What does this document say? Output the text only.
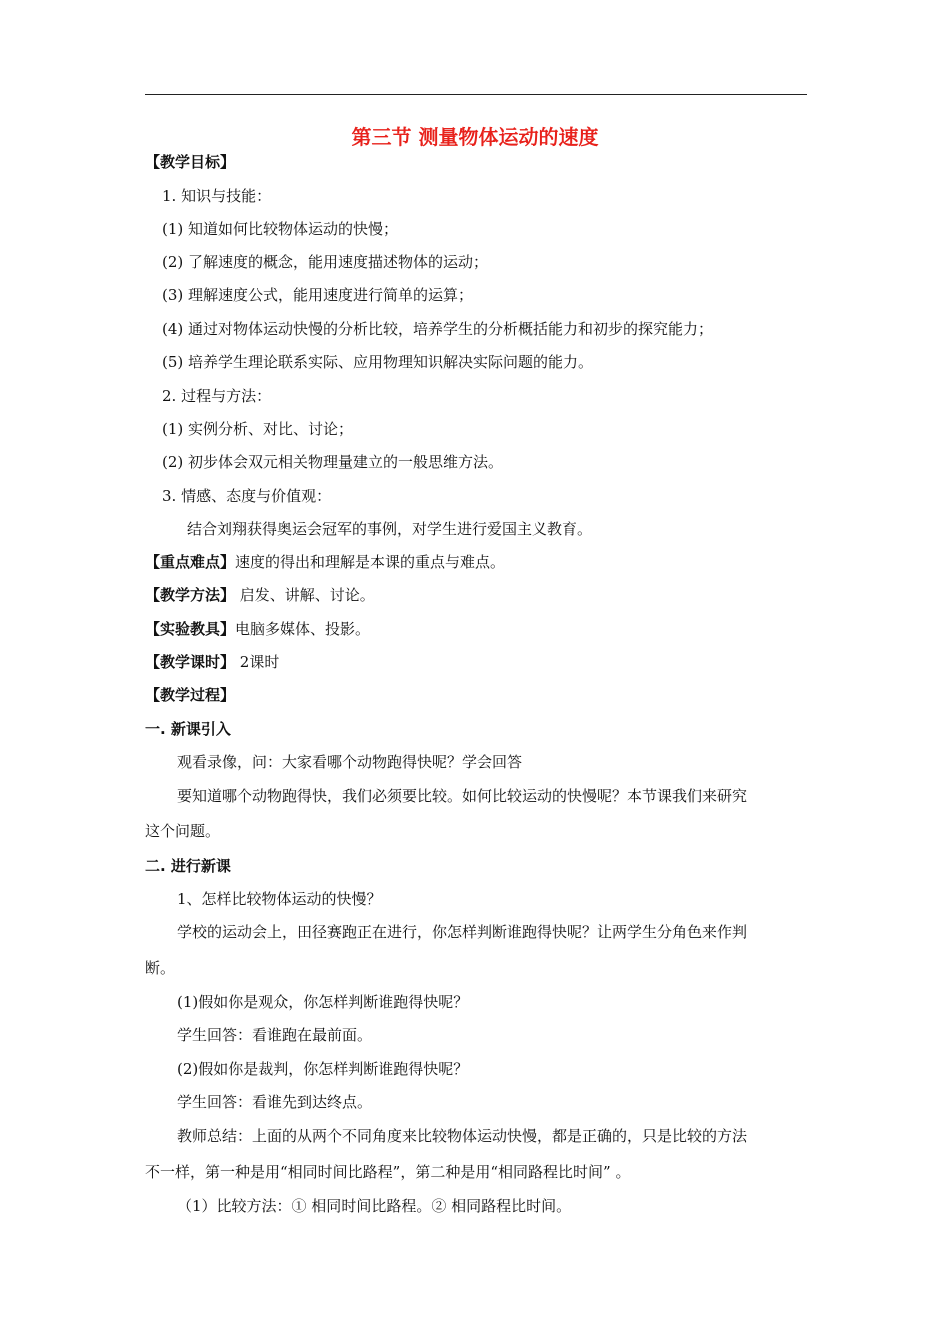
第三节 测量物体运动的速度
【教学目标】
1. 知识与技能：
(1) 知道如何比较物体运动的快慢；
(2) 了解速度的概念，能用速度描述物体的运动；
(3) 理解速度公式，能用速度进行简单的运算；
(4) 通过对物体运动快慢的分析比较，培养学生的分析概括能力和初步的探究能力；
(5) 培养学生理论联系实际、应用物理知识解决实际问题的能力。
2. 过程与方法：
(1) 实例分析、对比、讨论；
(2) 初步体会双元相关物理量建立的一般思维方法。
3. 情感、态度与价值观：
结合刘翔获得奥运会冠军的事例，对学生进行爱国主义教育。
【重点难点】速度的得出和理解是本课的重点与难点。
【教学方法】 启发、讲解、讨论。
【实验教具】电脑多媒体、投影。
【教学课时】 2课时
【教学过程】
一. 新课引入
观看录像，问：大家看哪个动物跑得快呢？学会回答
要知道哪个动物跑得快，我们必须要比较。如何比较运动的快慢呢？本节课我们来研究
这个问题。
二. 进行新课
1、怎样比较物体运动的快慢？
学校的运动会上，田径赛跑正在进行，你怎样判断谁跑得快呢？让两学生分角色来作判
断。
(1)假如你是观众，你怎样判断谁跑得快呢？
学生回答：看谁跑在最前面。
(2)假如你是裁判，你怎样判断谁跑得快呢？
学生回答：看谁先到达终点。
教师总结：上面的从两个不同角度来比较物体运动快慢，都是正确的，只是比较的方法
不一样，第一种是用“相同时间比路程”，第二种是用“相同路程比时间” 。
（1）比较方法：① 相同时间比路程。② 相同路程比时间。
